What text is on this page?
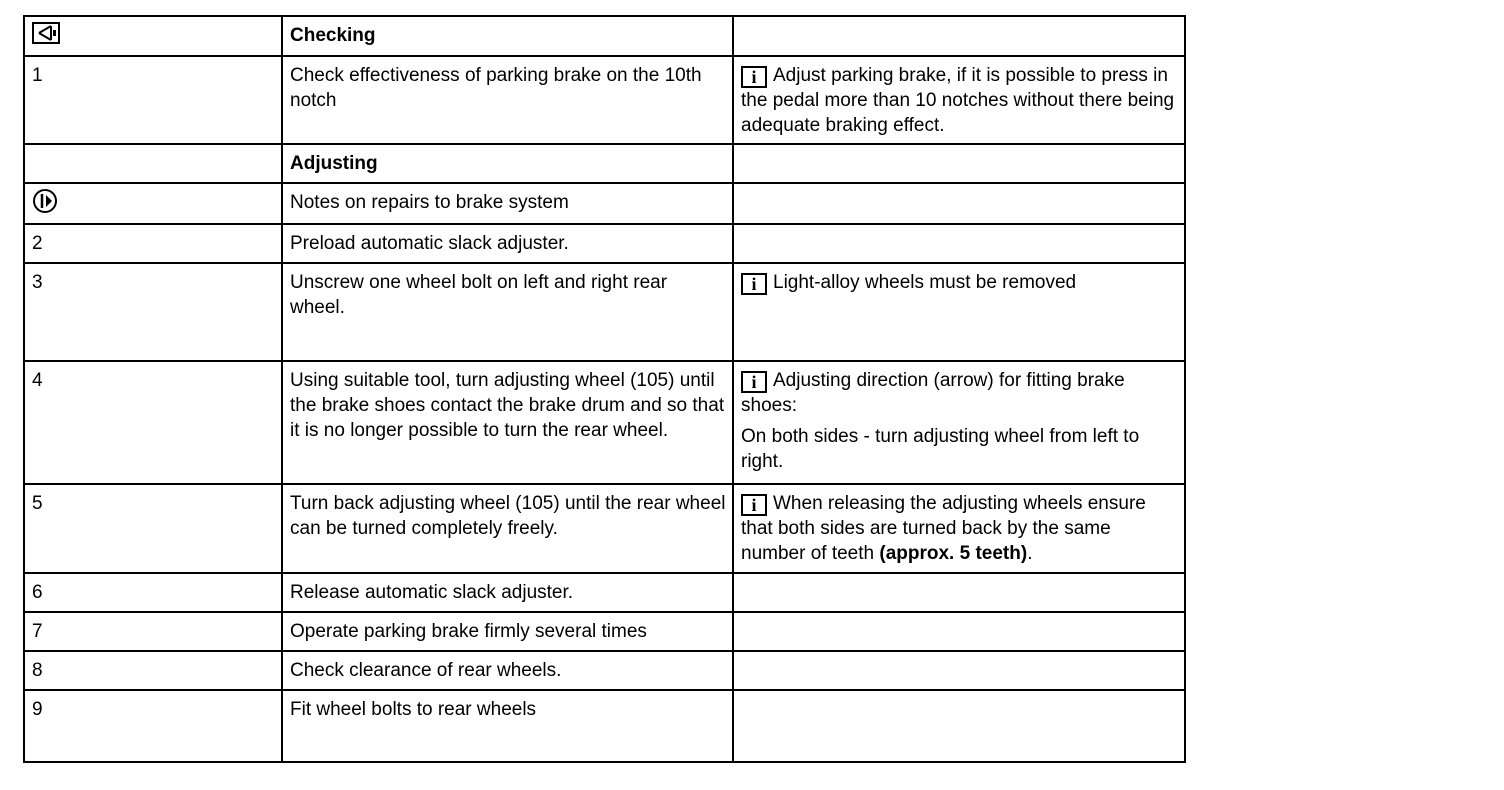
	Checking	
1	Check effectiveness of parking brake on the 10th notch	i Adjust parking brake, if it is possible to press in the pedal more than 10 notches without there being adequate braking effect.
	Adjusting	
	Notes on repairs to brake system	
2	Preload automatic slack adjuster.	
3	Unscrew one wheel bolt on left and right rear wheel.	i Light-alloy wheels must be removed
4	Using suitable tool, turn adjusting wheel (105) until the brake shoes contact the brake drum and so that it is no longer possible to turn the rear wheel.	i Adjusting direction (arrow) for fitting brake shoes:

On both sides - turn adjusting wheel from left to right.

5	Turn back adjusting wheel (105) until the rear wheel can be turned completely freely.	i When releasing the adjusting wheels ensure that both sides are turned back by the same number of teeth (approx. 5 teeth).
6	Release automatic slack adjuster.	
7	Operate parking brake firmly several times	
8	Check clearance of rear wheels.	
9	Fit wheel bolts to rear wheels	
